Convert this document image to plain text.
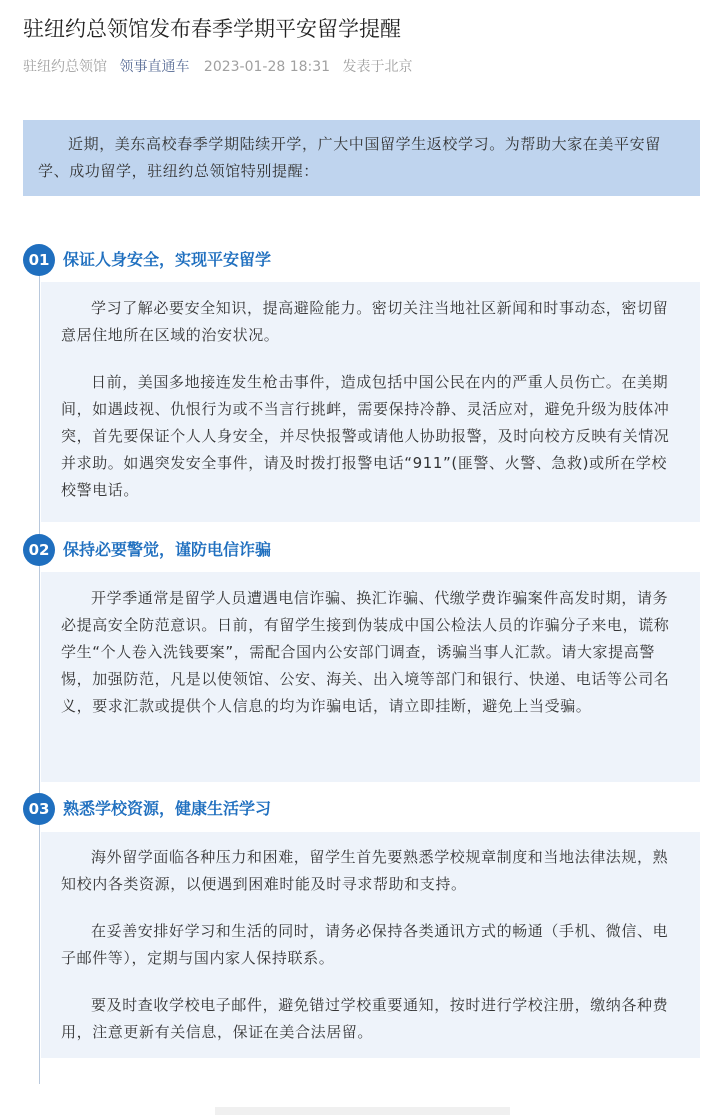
驻纽约总领馆发布春季学期平安留学提醒
驻纽约总领馆 领事直通车 2023-01-28 18:31 发表于北京
近期，美东高校春季学期陆续开学，广大中国留学生返校学习。为帮助大家在美平安留学、成功留学，驻纽约总领馆特别提醒：
01 保证人身安全，实现平安留学

学习了解必要安全知识，提高避险能力。密切关注当地社区新闻和时事动态，密切留意居住地所在区域的治安状况。

日前，美国多地接连发生枪击事件，造成包括中国公民在内的严重人员伤亡。在美期间，如遇歧视、仇恨行为或不当言行挑衅，需要保持冷静、灵活应对，避免升级为肢体冲突，首先要保证个人人身安全，并尽快报警或请他人协助报警，及时向校方反映有关情况并求助。如遇突发安全事件，请及时拨打报警电话“911”(匪警、火警、急救)或所在学校校警电话。

02 保持必要警觉，谨防电信诈骗

开学季通常是留学人员遭遇电信诈骗、换汇诈骗、代缴学费诈骗案件高发时期，请务必提高安全防范意识。日前，有留学生接到伪装成中国公检法人员的诈骗分子来电，谎称学生“个人卷入洗钱要案”，需配合国内公安部门调查，诱骗当事人汇款。请大家提高警惕，加强防范，凡是以使领馆、公安、海关、出入境等部门和银行、快递、电话等公司名义，要求汇款或提供个人信息的均为诈骗电话，请立即挂断，避免上当受骗。

03 熟悉学校资源，健康生活学习

海外留学面临各种压力和困难，留学生首先要熟悉学校规章制度和当地法律法规，熟知校内各类资源，以便遇到困难时能及时寻求帮助和支持。

在妥善安排好学习和生活的同时，请务必保持各类通讯方式的畅通（手机、微信、电子邮件等），定期与国内家人保持联系。

要及时查收学校电子邮件，避免错过学校重要通知，按时进行学校注册，缴纳各种费用，注意更新有关信息，保证在美合法居留。
